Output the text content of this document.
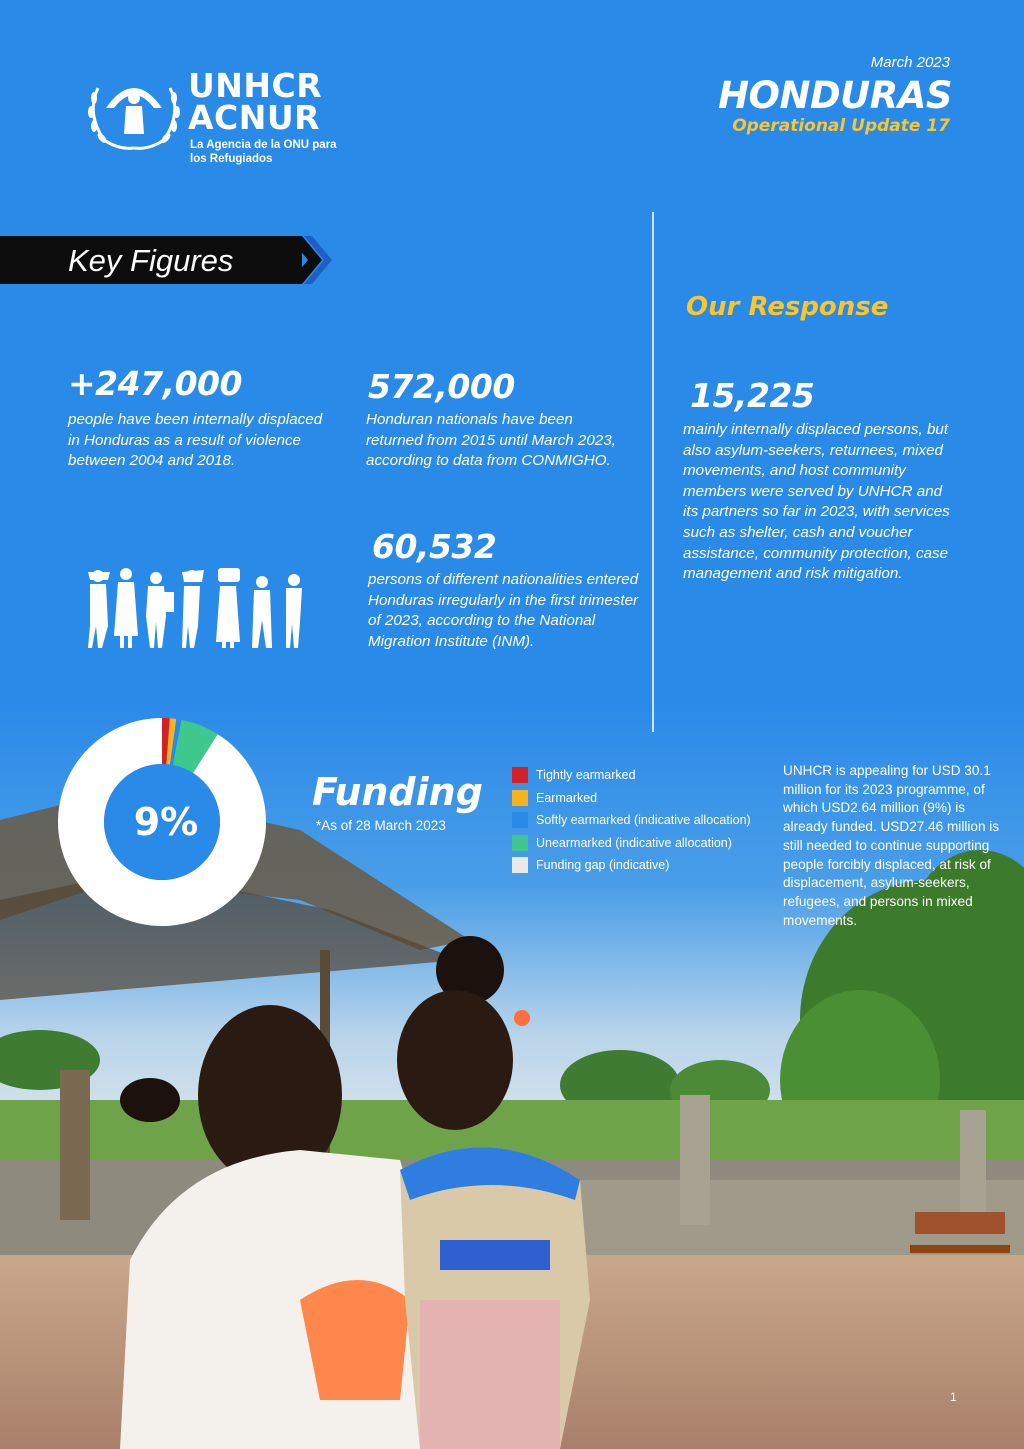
UNHCR
ACNUR
La Agencia de la ONU para los Refugiados
March 2023
HONDURAS
Operational Update 17
Key Figures
+247,000
people have been internally displaced in Honduras as a result of violence between 2004 and 2018.
572,000
Honduran nationals have been returned from 2015 until March 2023, according to data from CONMIGHO.
60,532
persons of different nationalities entered Honduras irregularly in the first trimester of 2023, according to the National Migration Institute (INM).
Our Response
15,225
mainly internally displaced persons, but also asylum-seekers, returnees, mixed movements, and host community members were served by UNHCR and its partners so far in 2023, with services such as shelter, cash and voucher assistance, community protection, case management and risk mitigation.
9%
Funding
*As of 28 March 2023
Tightly earmarked
Earmarked
Softly earmarked (indicative allocation)
Unearmarked (indicative allocation)
Funding gap (indicative)
UNHCR is appealing for USD 30.1 million for its 2023 programme, of which USD2.64 million (9%) is already funded. USD27.46 million is still needed to continue supporting people forcibly displaced, at risk of displacement, asylum-seekers, refugees, and persons in mixed movements.
1
